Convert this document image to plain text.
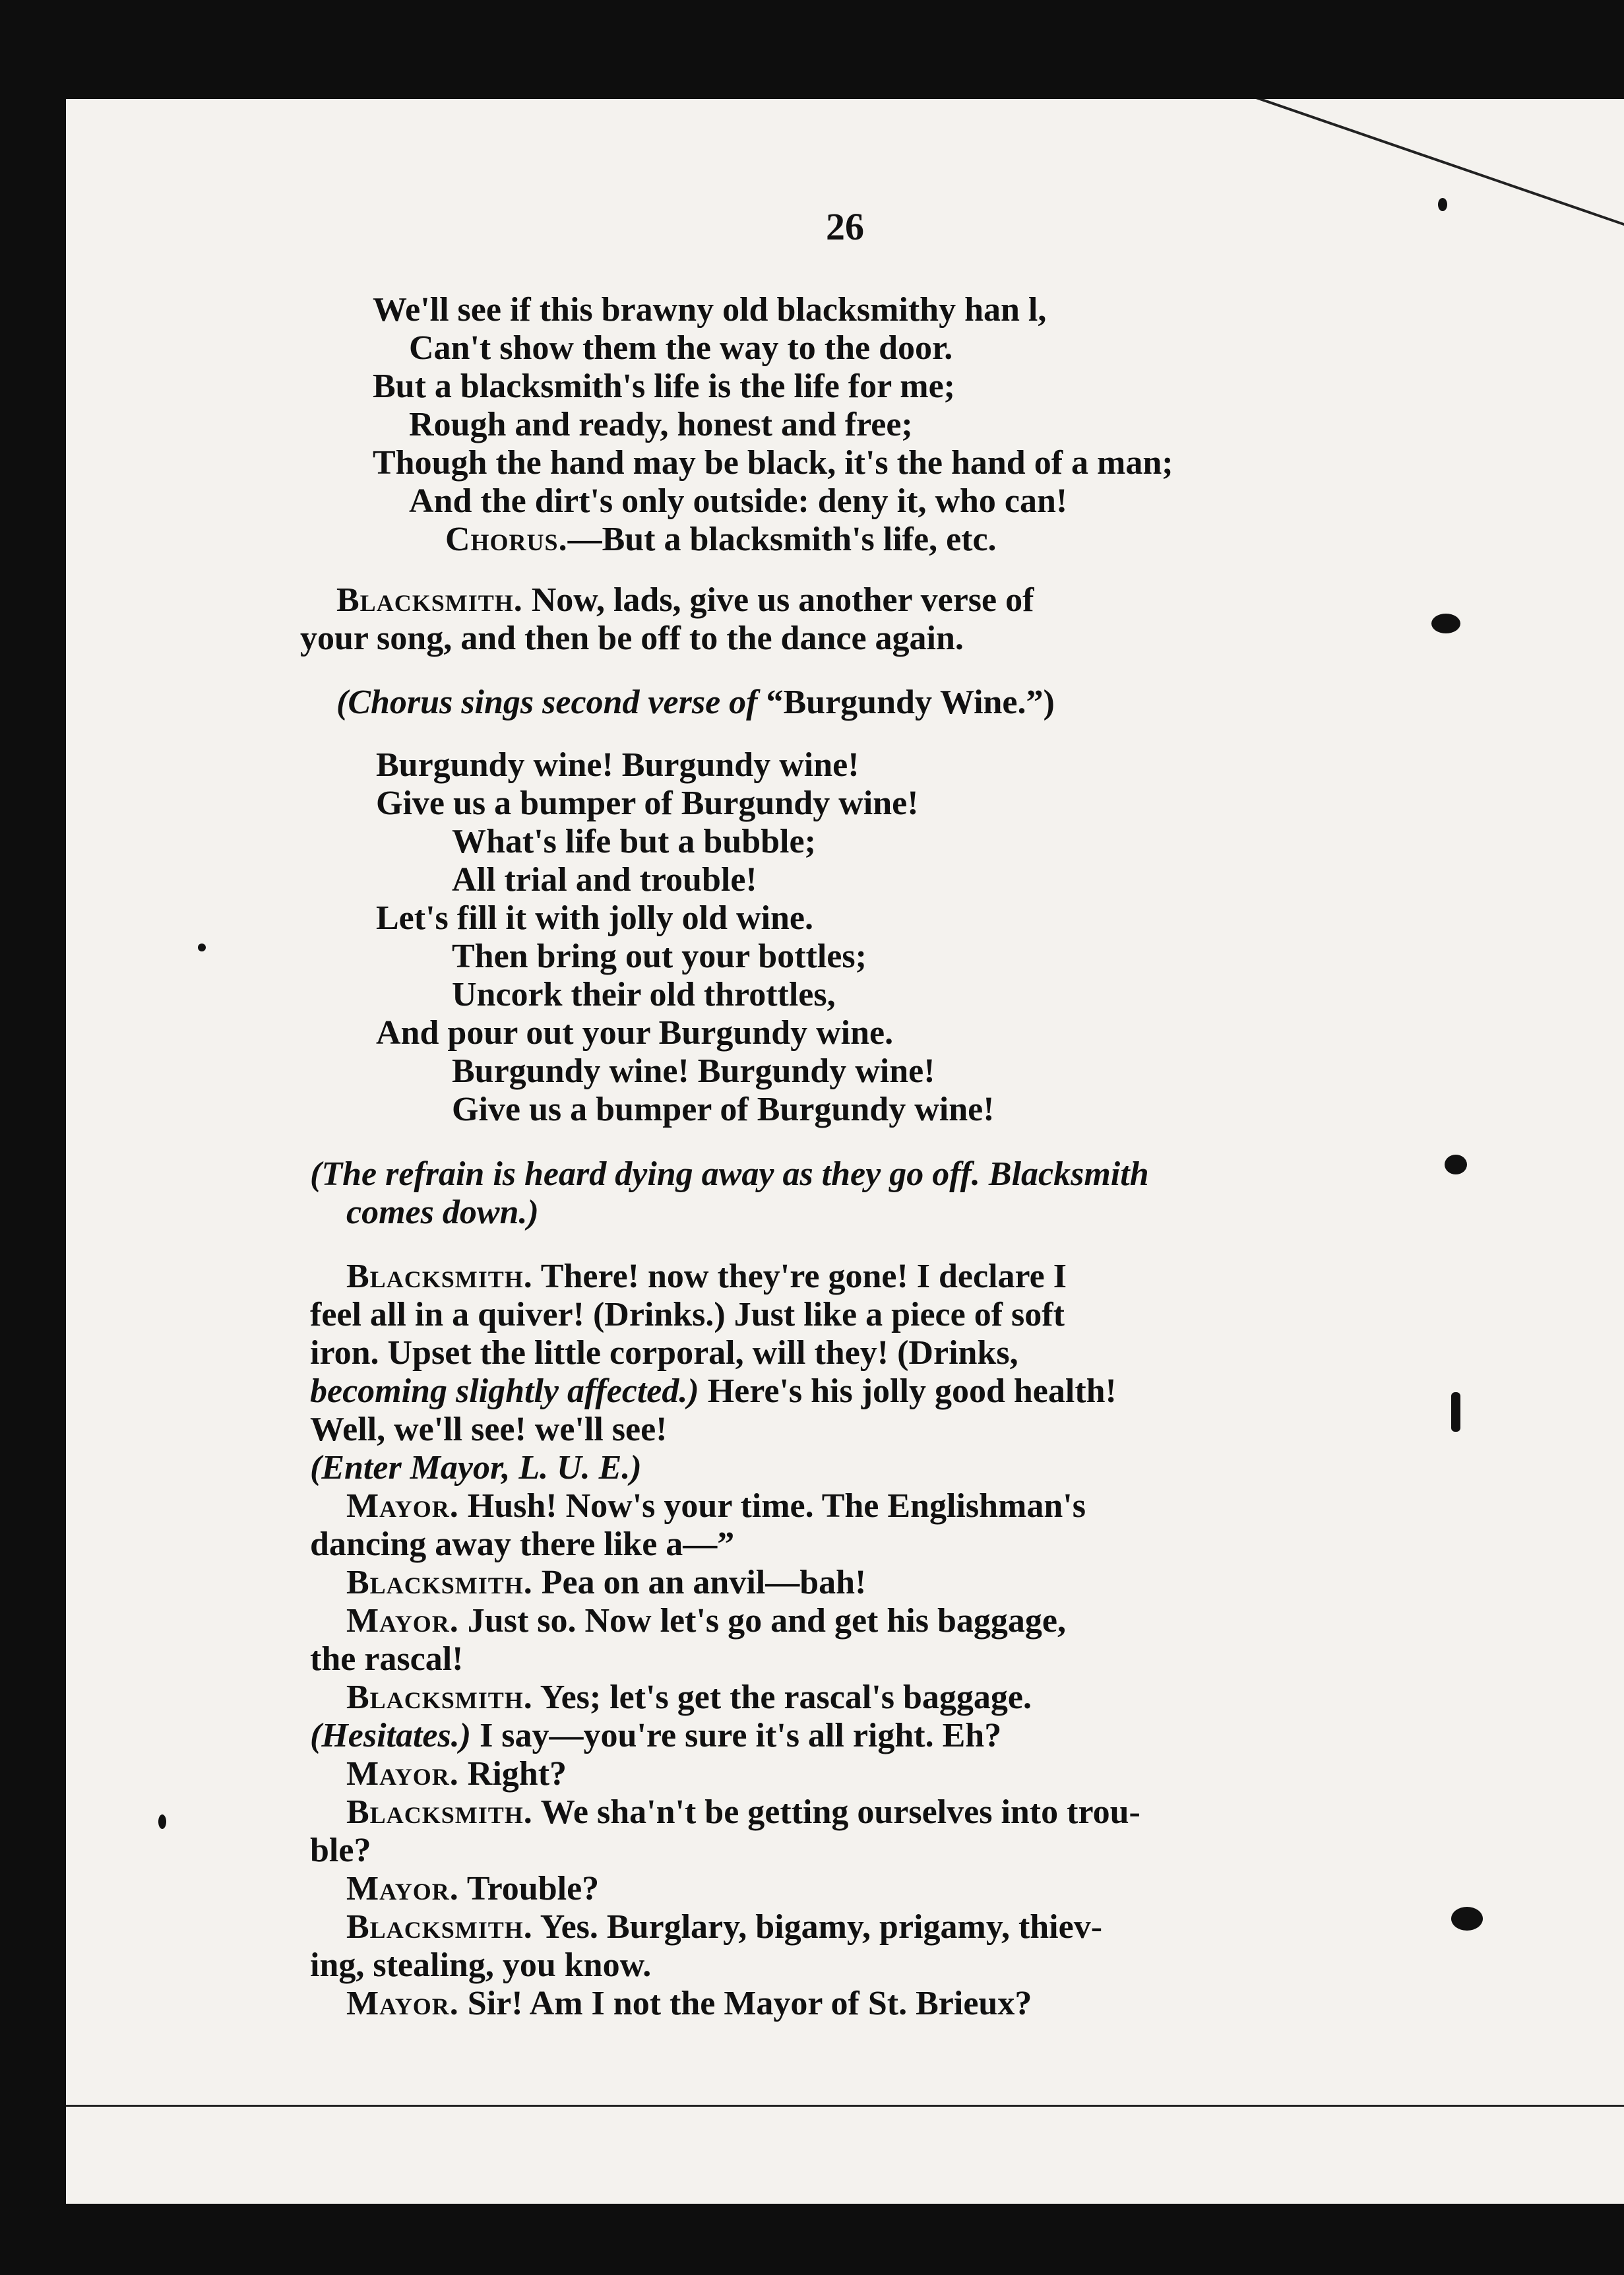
26
We'll see if this brawny old blacksmithy han l,
Can't show them the way to the door.
But a blacksmith's life is the life for me;
Rough and ready, honest and free;
Though the hand may be black, it's the hand of a man;
And the dirt's only outside: deny it, who can!
Chorus.—But a blacksmith's life, etc.
Blacksmith. Now, lads, give us another verse of
your song, and then be off to the dance again.
(Chorus sings second verse of “Burgundy Wine.”)
Burgundy wine! Burgundy wine!
Give us a bumper of Burgundy wine!
What's life but a bubble;
All trial and trouble!
Let's fill it with jolly old wine.
Then bring out your bottles;
Uncork their old throttles,
And pour out your Burgundy wine.
Burgundy wine! Burgundy wine!
Give us a bumper of Burgundy wine!
(The refrain is heard dying away as they go off. Blacksmith
comes down.)
Blacksmith. There! now they're gone! I declare I
feel all in a quiver! (Drinks.) Just like a piece of soft
iron. Upset the little corporal, will they! (Drinks,
becoming slightly affected.) Here's his jolly good health!
Well, we'll see! we'll see!
(Enter Mayor, L. U. E.)
Mayor. Hush! Now's your time. The Englishman's
dancing away there like a—”
Blacksmith. Pea on an anvil—bah!
Mayor. Just so. Now let's go and get his baggage,
the rascal!
Blacksmith. Yes; let's get the rascal's baggage.
(Hesitates.) I say—you're sure it's all right. Eh?
Mayor. Right?
Blacksmith. We sha'n't be getting ourselves into trou-
ble?
Mayor. Trouble?
Blacksmith. Yes. Burglary, bigamy, prigamy, thiev-
ing, stealing, you know.
Mayor. Sir! Am I not the Mayor of St. Brieux?
